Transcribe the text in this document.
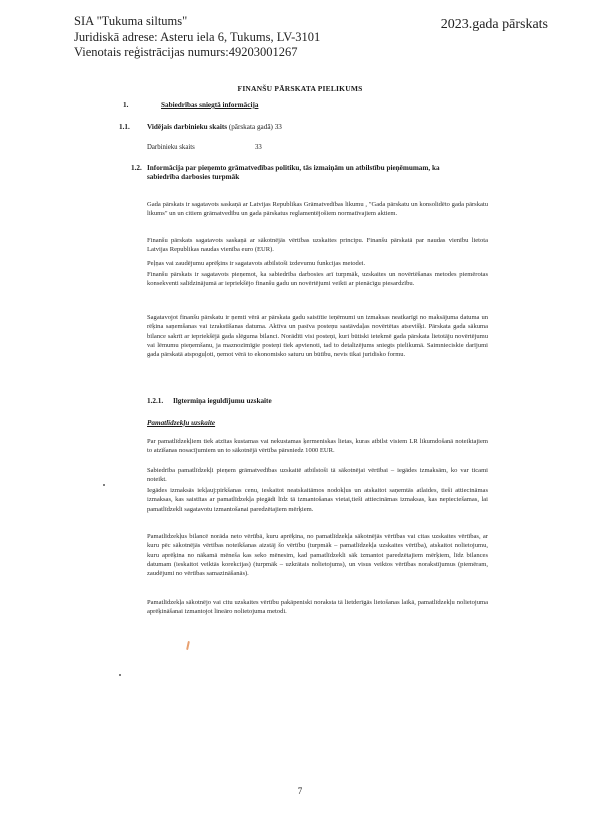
SIA "Tukuma siltums"
Juridiskā adrese: Asteru iela 6, Tukums, LV-3101
Vienotais reģistrācijas numurs:49203001267
2023.gada pārskats
FINANŠU PĀRSKATA PIELIKUMS
1.	Sabiedrības sniegtā informācija
1.1. Vidējais darbinieku skaits (pārskata gadā) 33
Darbinieku skaits	33
1.2. Informācija par pieņemto grāmatvedības politiku, tās izmaiņām un atbilstību pieņēmumam, ka
sabiedrība darbosies turpmāk
Gada pārskats ir sagatavots saskaņā ar Latvijas Republikas Grāmatvedības likumu , "Gada pārskatu un konsolidēto gada pārskatu likums" un un citiem grāmatvedību un gada pārskatus reglamentējošiem normatīvajiem aktiem.
Finanšu pārskats sagatavots saskaņā ar sākotnējās vērtības uzskaites principu. Finanšu pārskatā par naudas vienību lietota Latvijas Republikas naudas vienība euro (EUR).
Peļņas vai zaudējumu aprēķins ir sagatavots atbilstoši izdevumu funkcijas metodei.
Finanšu pārskats ir sagatavots pieņemot, ka sabiedrība darbosies arī turpmāk, uzskaites un novērtēšanas metodes piemērotas konsekventi salīdzinājumā ar iepriekšējo finanšu gadu un novērtējumi veikti ar pienācīgu piesardzību.
Sagatavojot finanšu pārskatu ir ņemti vērā ar pārskata gadu saistītie ieņēmumi un izmaksas neatkarīgi no maksājuma datuma un rēķina saņemšanas vai izrakstīšanas datuma. Aktīva un pasīva posteņu sastāvdaļas novērtētas atsevišķi. Pārskata gada sākuma bilance sakrīt ar iepriekšējā gada slēguma bilanci. Norādīti visi posteņi, kuri būtiski ietekmē gada pārskata lietotāju novērtējumu vai lēmumu pieņemšanu, ja maznozīmīgie posteņi tiek apvienoti, tad to detalizējums sniegts pielikumā. Saimnieciskie darījumi gada pārskatā atspoguļoti, ņemot vērā to ekonomisko saturu un būtību, nevis tikai juridisko formu.
1.2.1. Ilgtermiņa ieguldījumu uzskaite
Pamatlīdzekļu uzskaite
Par pamatlīdzekļiem tiek atzītas kustamas vai nekustamas ķermeniskas lietas, kuras atbilst visiem LR likumdošanā noteiktajiem to atzīšanas nosacījumiem un to sākotnējā vērtība pārsniedz 1000 EUR.
Sabiedrība pamatlīdzekļi pieņem grāmatvedības uzskaitē atbilstoši tā sākotnējai vērtībai – iegādes izmaksām, ko var ticami noteikt.
Iegādes izmaksās iekļauj:pirkšanas cenu, ieskaitot neatskaitāmos nodokļus un atskaitot saņemtās atlaides, tieši attiecināmas izmaksas, kas saistītas ar pamatlīdzekļa piegādi līdz tā izmantošanas vietai,tieši attiecināmas izmaksas, kas nepieciešamas, lai pamatlīdzekli sagatavotu izmantošanai paredzētajiem mērķiem.
Pamatlīdzekļus bilancē norāda neto vērtībā, kuru aprēķina, no pamatlīdzekļa sākotnējās vērtības vai citas uzskaites vērtības, ar kuru pēc sākotnējās vērtības noteikšanas aizstāj šo vērtību (turpmāk – pamatlīdzekļa uzskaites vērtība), atskaitot nolietojumu, kuru aprēķina no nākamā mēneša kas seko mēnesim, kad pamatlīdzekli sāk izmantot paredzētajiem mērķiem, līdz bilances datumam (ieskaitot veiktās korekcijas) (turpmāk – uzkrātais nolietojums), un visus veiktos vērtības norakstījumus (piemēram, zaudējumi no vērtības samazināšanās).
Pamatlīdzekļa sākotnējo vai citu uzskaites vērtību pakāpeniski noraksta tā lietderīgās lietošanas laikā, pamatlīdzekļu nolietojuma aprēķināšanai izmantojot lineāro nolietojuma metodi.
7
